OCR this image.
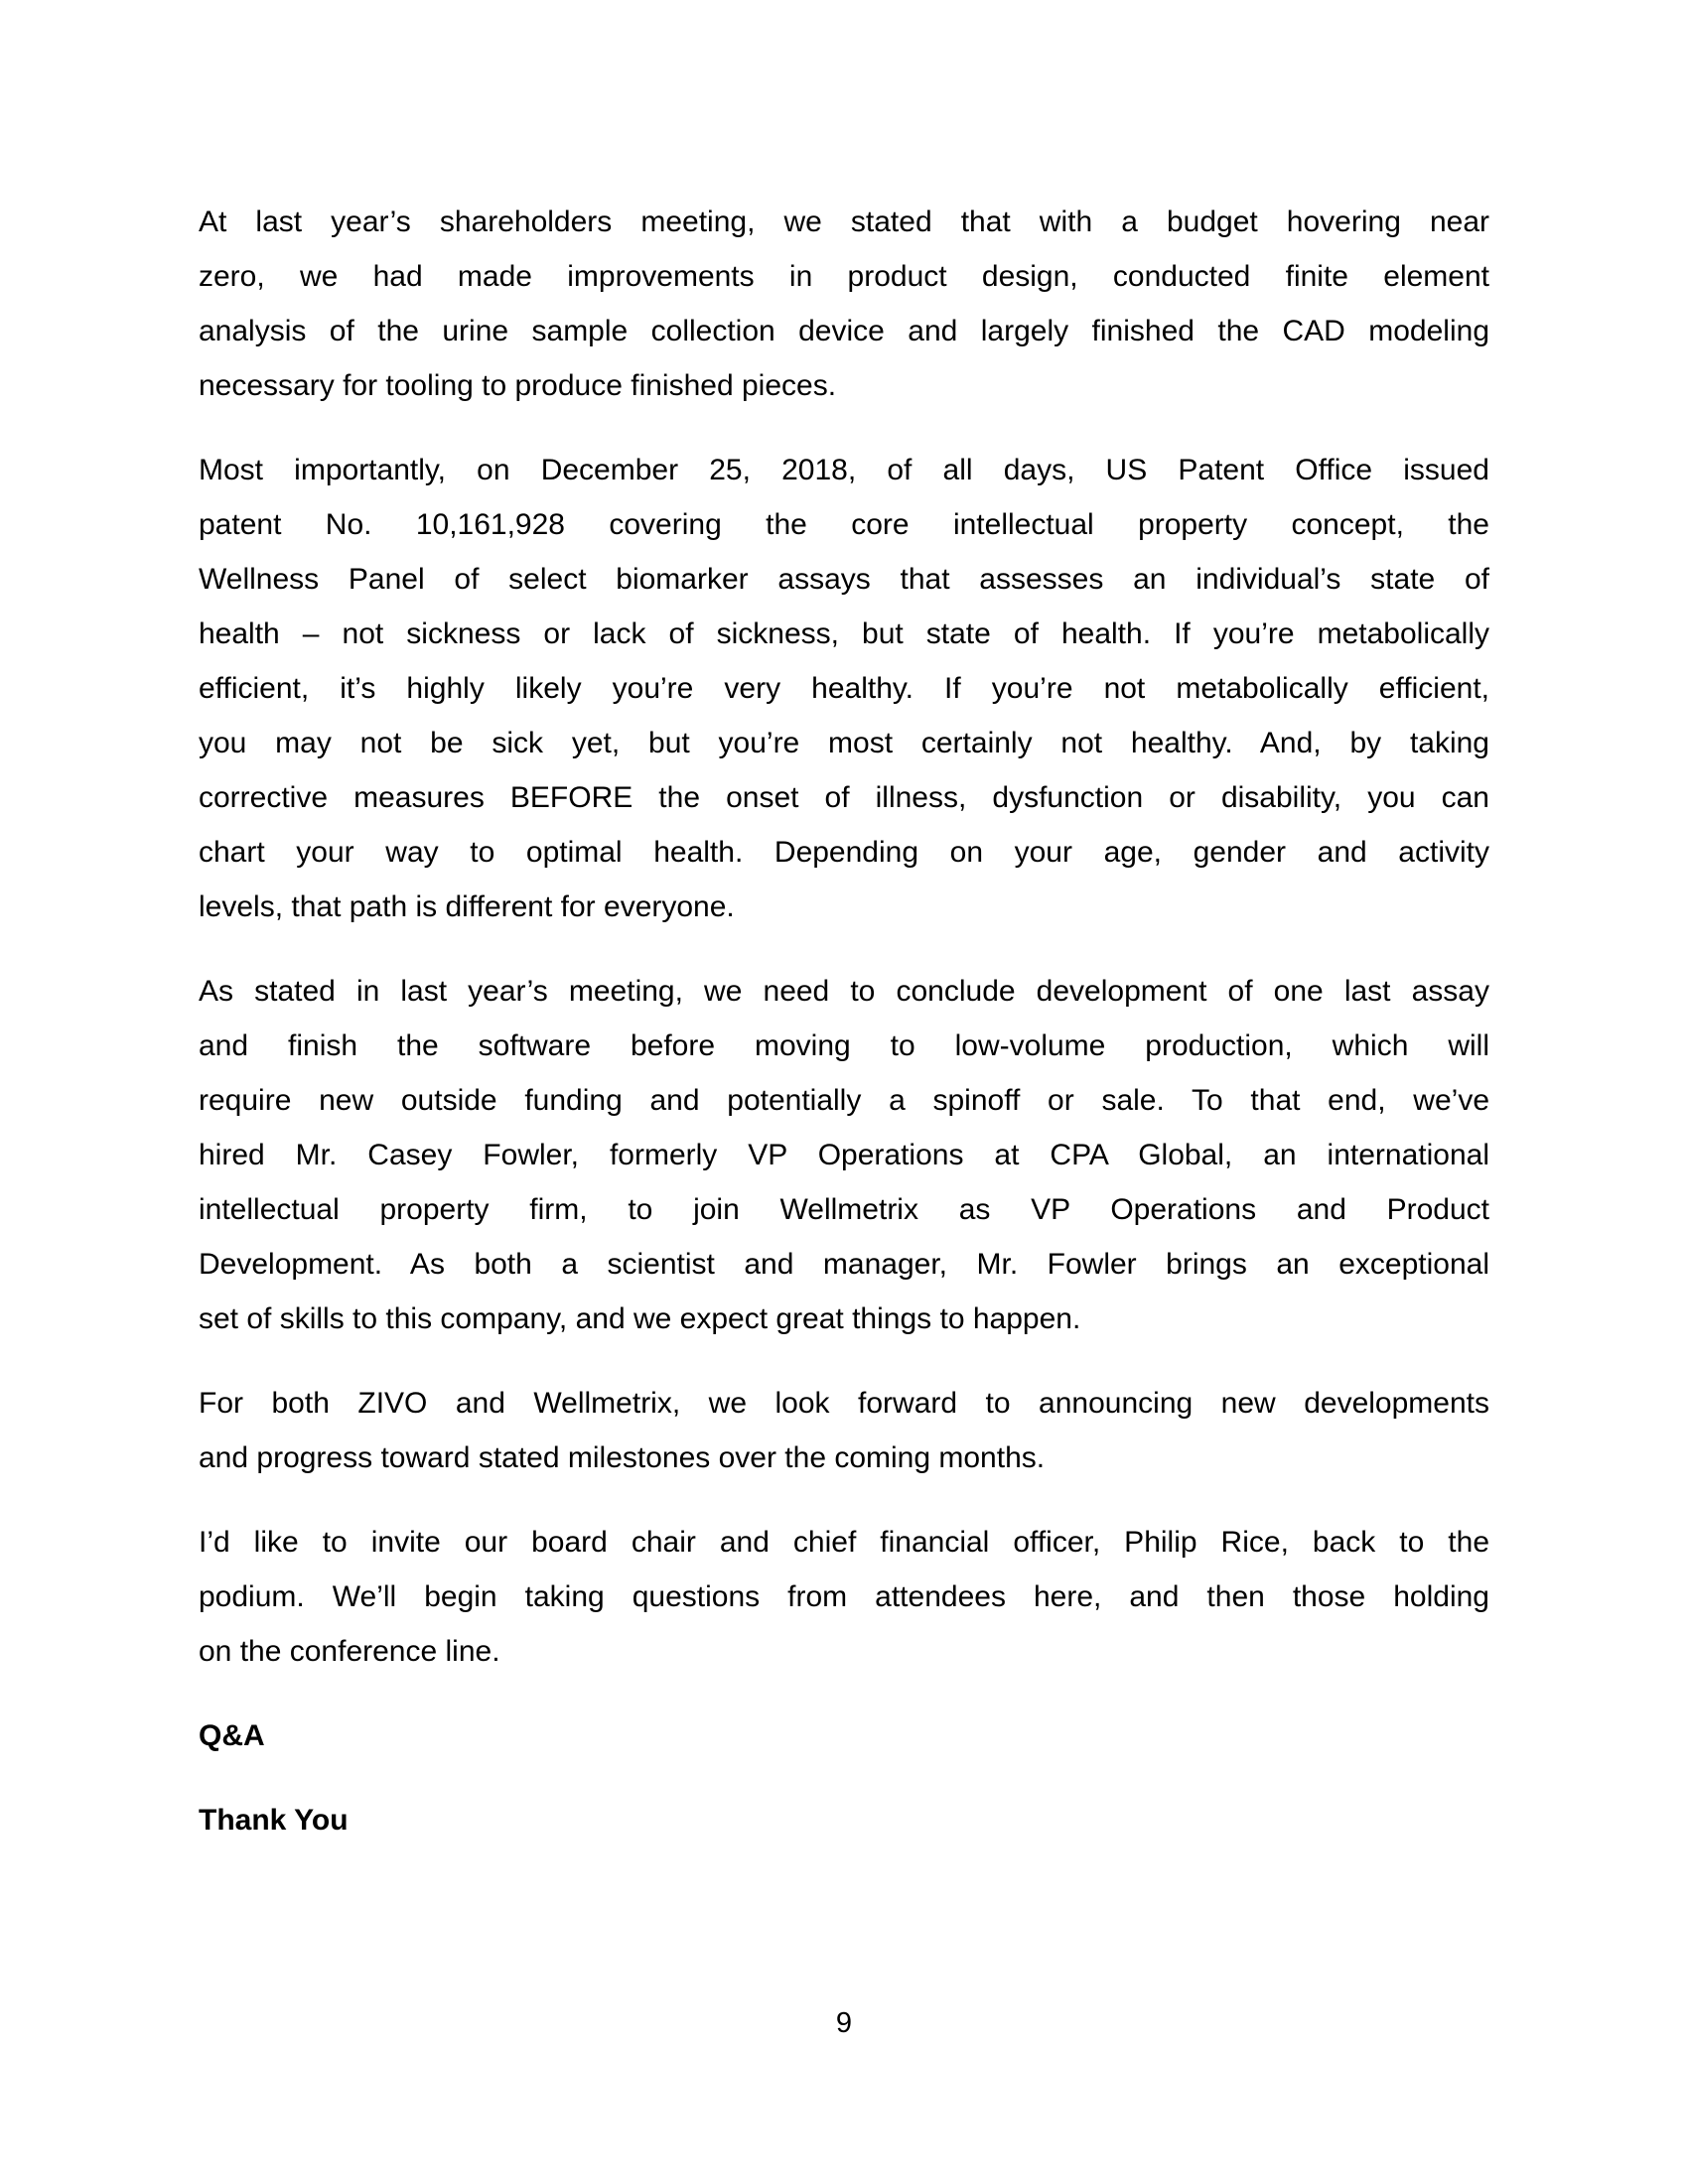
At last year’s shareholders meeting, we stated that with a budget hovering near
zero, we had made improvements in product design, conducted finite element
analysis of the urine sample collection device and largely finished the CAD modeling
necessary for tooling to produce finished pieces.
Most importantly, on December 25, 2018, of all days, US Patent Office issued
patent No. 10,161,928 covering the core intellectual property concept, the
Wellness Panel of select biomarker assays that assesses an individual’s state of
health – not sickness or lack of sickness, but state of health. If you’re metabolically
efficient, it’s highly likely you’re very healthy. If you’re not metabolically efficient,
you may not be sick yet, but you’re most certainly not healthy. And, by taking
corrective measures BEFORE the onset of illness, dysfunction or disability, you can
chart your way to optimal health. Depending on your age, gender and activity
levels, that path is different for everyone.
As stated in last year’s meeting, we need to conclude development of one last assay
and finish the software before moving to low-volume production, which will
require new outside funding and potentially a spinoff or sale. To that end, we’ve
hired Mr. Casey Fowler, formerly VP Operations at CPA Global, an international
intellectual property firm, to join Wellmetrix as VP Operations and Product
Development. As both a scientist and manager, Mr. Fowler brings an exceptional
set of skills to this company, and we expect great things to happen.
For both ZIVO and Wellmetrix, we look forward to announcing new developments
and progress toward stated milestones over the coming months.
I’d like to invite our board chair and chief financial officer, Philip Rice, back to the
podium. We’ll begin taking questions from attendees here, and then those holding
on the conference line.
Q&A
Thank You
9
